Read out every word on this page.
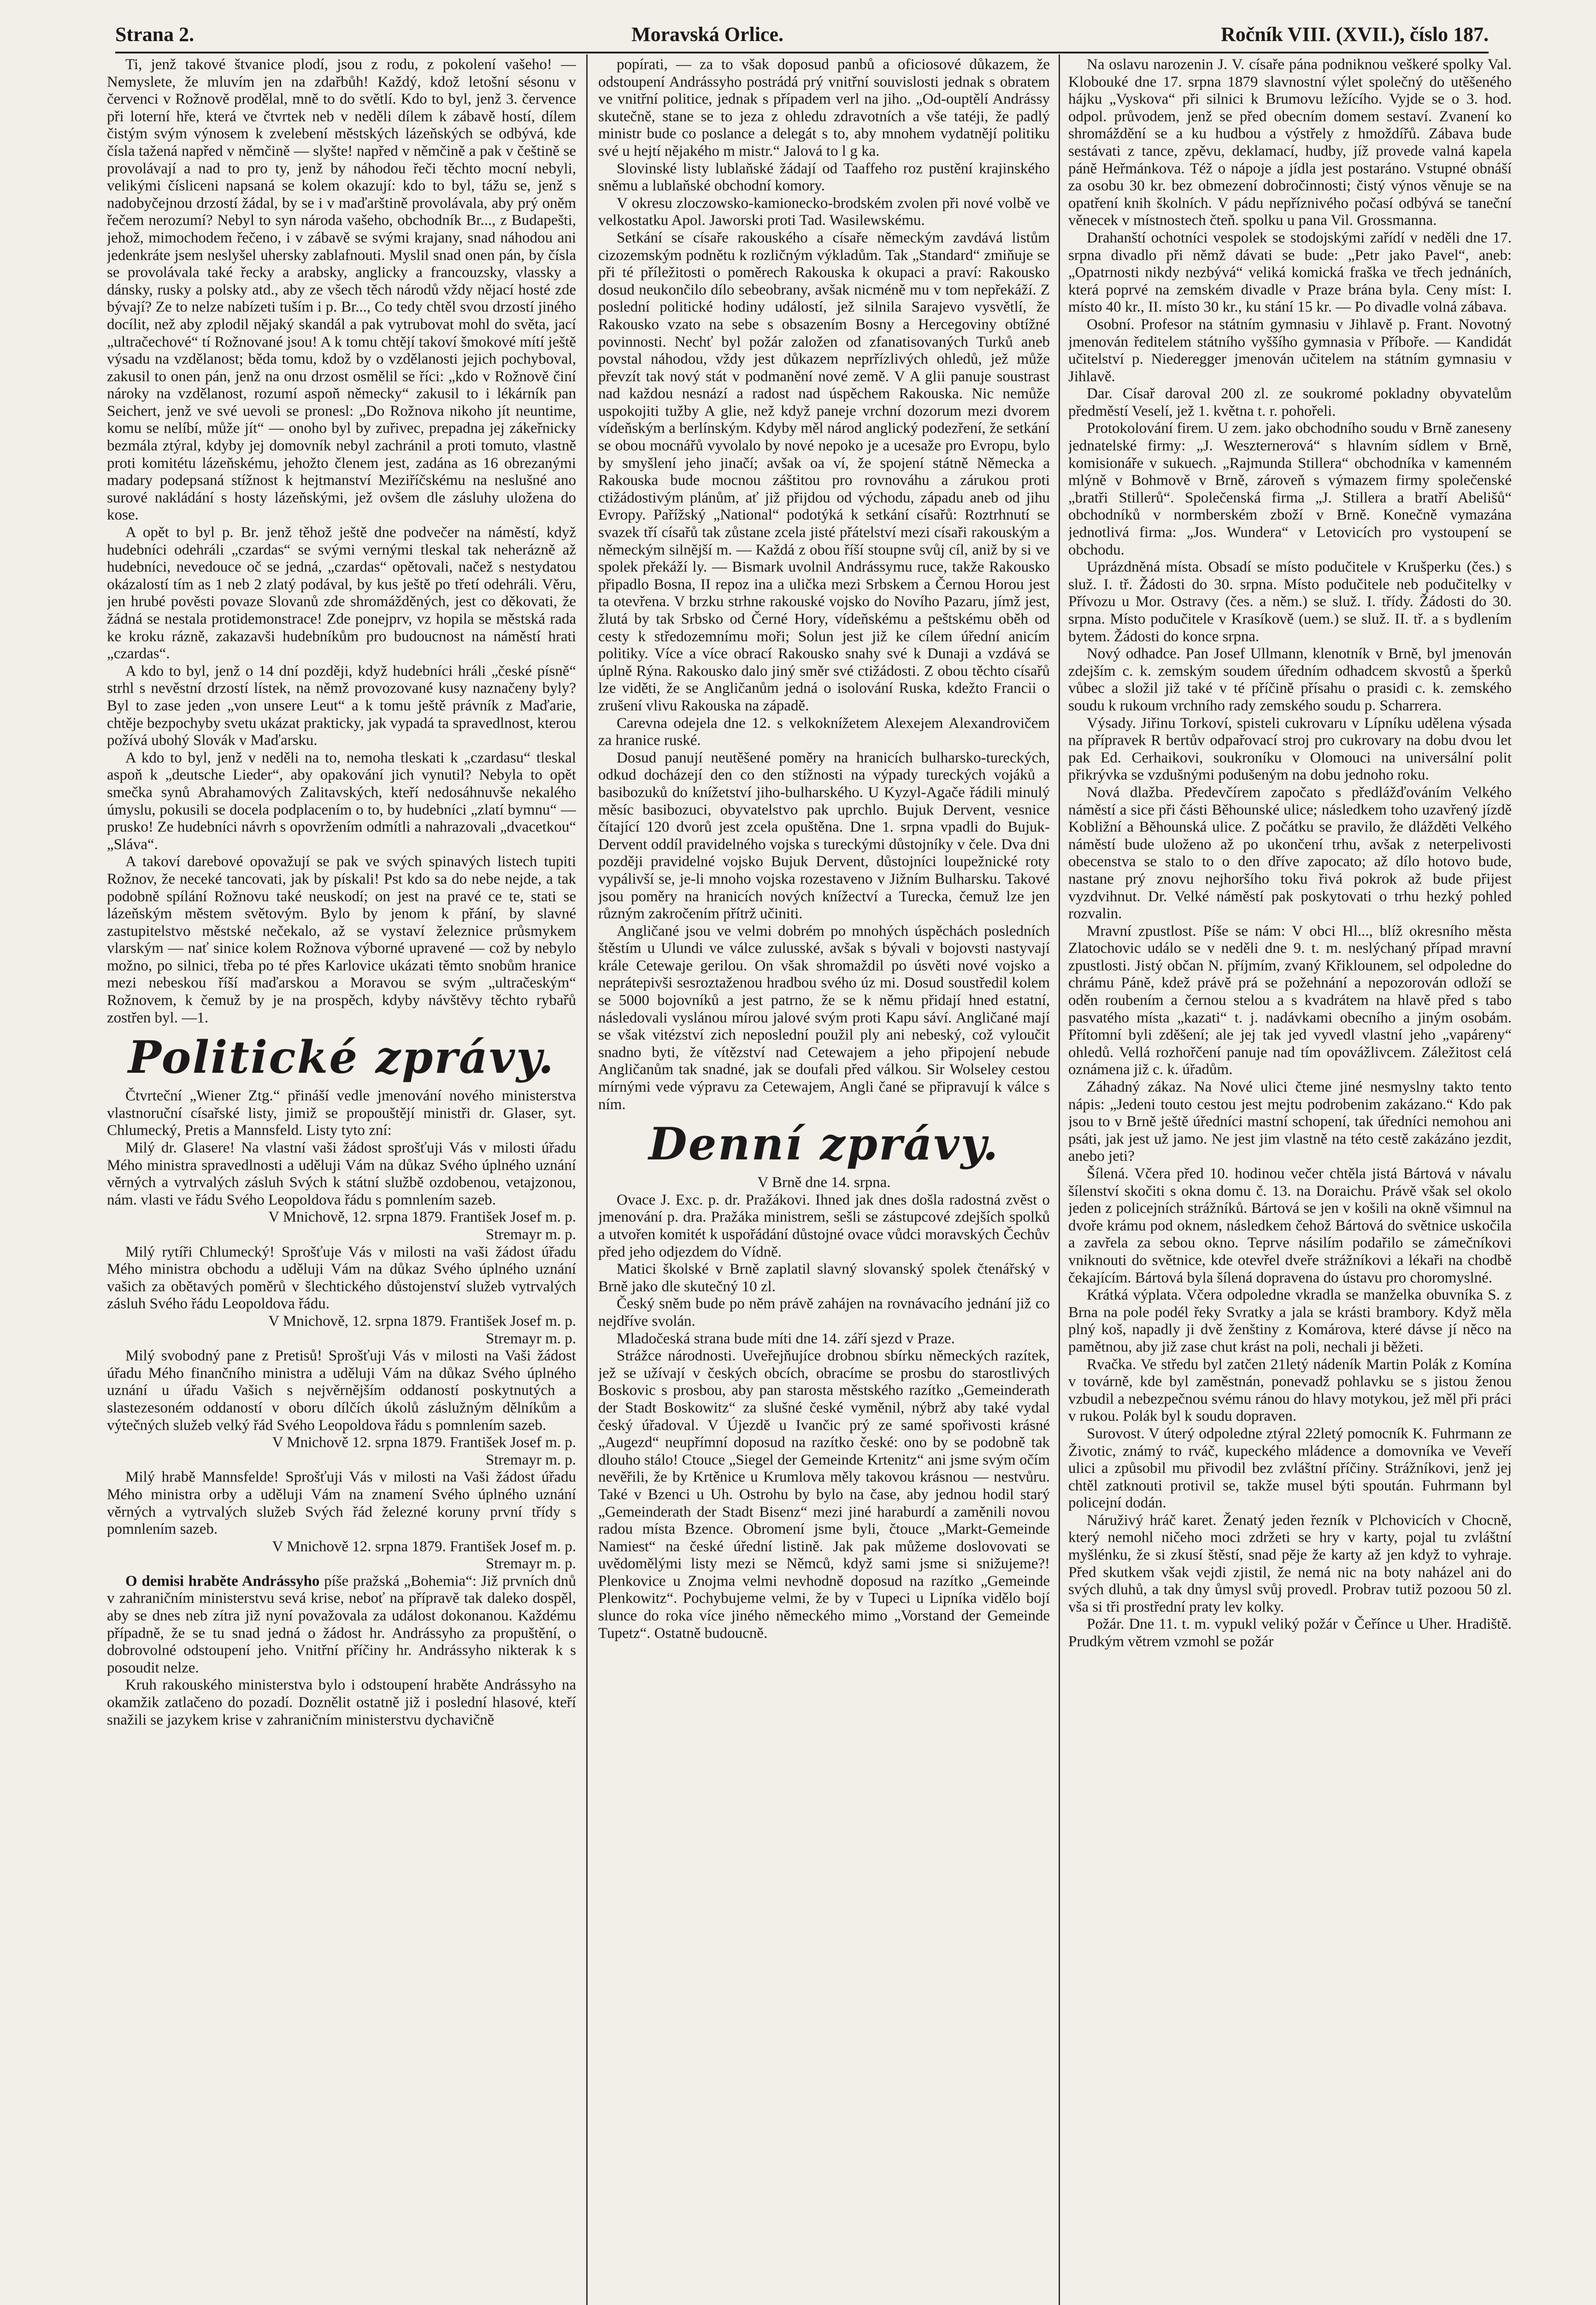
Strana 2.	Moravská Orlice.	Ročník VIII. (XVII.), číslo 187.

Ti, jenž takové štvanice plodí, jsou z rodu, z pokolení vašeho! — Nemyslete, že mluvím jen na zdařbůh! Každý, kdož letošní sésonu v červenci v Rožnově prodělal, mně to do světlí. Kdo to byl, jenž 3. července při loterní hře, která ve čtvrtek neb v neděli dílem k zábavě hostí, dílem čistým svým výnosem k zvelebení městských lázeňských se odbývá, kde čísla tažená napřed v němčině — slyšte! napřed v němčině a pak v češtině se provolávají a nad to pro ty, jenž by náhodou řeči těchto mocní nebyli, velikými čísliceni napsaná se kolem okazují: kdo to byl, tážu se, jenž s nadobyčejnou drzostí žádal, by se i v maďarštině provolávala, aby prý oněm řečem nerozumí? Nebyl to syn národa vašeho, obchodník Br..., z Budapešti, jehož, mimochodem řečeno, i v zábavě se svými krajany, snad náhodou ani jedenkráte jsem neslyšel uhersky zablafnouti. Myslil snad onen pán, by čísla se provolávala také řecky a arabsky, anglicky a francouzsky, vlassky a dánsky, rusky a polsky atd., aby ze všech těch národů vždy nějací hosté zde bývají? Ze to nelze nabízeti tuším i p. Br..., Co tedy chtěl svou drzostí jiného docílit, než aby zplodil nějaký skandál a pak vytrubovat mohl do světa, jací „ultračechové“ tí Rožnované jsou! A k tomu chtějí takoví šmokové mítí ještě výsadu na vzdělanost; běda tomu, kdož by o vzdělanosti jejich pochyboval, zakusil to onen pán, jenž na onu drzost osmělil se říci: „kdo v Rožnově činí nároky na vzdělanost, rozumí aspoň německy“ zakusil to i lékárník pan Seichert, jenž ve své uevoli se pronesl: „Do Rožnova nikoho jít neuntime, komu se nelíbí, může jít“ — onoho byl by zuřivec, prepadna jej zákeřnicky bezmála ztýral, kdyby jej domovník nebyl zachránil a proti tomuto, vlastně proti komitétu lázeňskému, jehožto členem jest, zadána as 16 obrezanými madary podepsaná stížnost k hejtmanství Meziříčskému na neslušné ano surové nakládání s hosty lázeňskými, jež ovšem dle zásluhy uložena do kose.

A opět to byl p. Br. jenž těhož ještě dne podvečer na náměstí, když hudebníci odehráli „czardas“ se svými vernými tleskal tak neherázně až hudebníci, nevedouce oč se jedná, „czardas“ opětovali, načež s nestydatou okázalostí tím as 1 neb 2 zlatý podával, by kus ještě po třetí odehráli. Věru, jen hrubé pověsti povaze Slovanů zde shromážděných, jest co děkovati, že žádná se nestala protidemonstrace! Zde ponejprv, vz hopila se městská rada ke kroku rázně, zakazavši hudebníkům pro budoucnost na náměstí hrati „czardas“.

A kdo to byl, jenž o 14 dní později, když hudebníci hráli „české písně“ strhl s nevěstní drzostí lístek, na němž provozované kusy naznačeny byly? Byl to zase jeden „von unsere Leut“ a k tomu ještě právník z Maďarie, chtěje bezpochyby svetu ukázat prakticky, jak vypadá ta spravedlnost, kterou požívá ubohý Slovák v Maďarsku.

A kdo to byl, jenž v neděli na to, nemoha tleskati k „czardasu“ tleskal aspoň k „deutsche Lieder“, aby opakování jich vynutil? Nebyla to opět smečka synů Abrahamových Zalitavských, kteří nedosáhnuvše nekalého úmyslu, pokusili se docela podplacením o to, by hudebníci „zlatí bymnu“ — prusko! Ze hudebníci návrh s opovržením odmítli a nahrazovali „dvacetkou“ „Sláva“.

A takoví darebové opovažují se pak ve svých spinavých listech tupiti Rožnov, že neceké tancovati, jak by pískali! Pst kdo sa do nebe nejde, a tak podobně spílání Rožnovu také neuskodí; on jest na pravé ce te, stati se lázeňským městem světovým. Bylo by jenom k přání, by slavné zastupitelstvo městské nečekalo, až se vystaví železnice průsmykem vlarským — nať sinice kolem Rožnova výborné upravené — což by nebylo možno, po silnici, třeba po té přes Karlovice ukázati těmto snobům hranice mezi nebeskou říší maďarskou a Moravou se svým „ultračeským“ Rožnovem, k čemuž by je na prospěch, kdyby návštěvy těchto rybařů zostřen byl. —1.

Politické zprávy.

Čtvrteční „Wiener Ztg.“ přináší vedle jmenování nového ministerstva vlastnoruční císařské listy, jimiž se propouštějí ministři dr. Glaser, syt. Chlumecký, Pretis a Mannsfeld. Listy tyto zní:

Milý dr. Glasere! Na vlastní vaši žádost sprošťuji Vás v milosti úřadu Mého ministra spravedlnosti a uděluji Vám na důkaz Svého úplného uznání věrných a vytrvalých zásluh Svých k státní službě ozdobenou, vetajzonou, nám. vlasti ve řádu Svého Leopoldova řádu s pomnlením sazeb.

V Mnichově, 12. srpna 1879. František Josef m. p.

Stremayr m. p.

Milý rytíři Chlumecký! Sprošťuje Vás v milosti na vaši žádost úřadu Mého ministra obchodu a uděluji Vám na důkaz Svého úplného uznání vašich za obětavých poměrů v šlechtického důstojenství služeb vytrvalých zásluh Svého řádu Leopoldova řádu.

V Mnichově, 12. srpna 1879. František Josef m. p.

Stremayr m. p.

Milý svobodný pane z Pretisů! Sprošťuji Vás v milosti na Vaši žádost úřadu Mého finančního ministra a uděluji Vám na důkaz Svého úplného uznání u úřadu Vašich s nejvěrnějším oddaností poskytnutých a slastezesoném oddaností v oboru dílčích úkolů záslužným dělníkům a výtečných služeb velký řád Svého Leopoldova řádu s pomnlením sazeb.

V Mnichově 12. srpna 1879. František Josef m. p.

Stremayr m. p.

Milý hrabě Mannsfelde! Sprošťuji Vás v milosti na Vaši žádost úřadu Mého ministra orby a uděluji Vám na znamení Svého úplného uznání věrných a vytrvalých služeb Svých řád železné koruny první třídy s pomnlením sazeb.

V Mnichově 12. srpna 1879. František Josef m. p.

Stremayr m. p.

O demisi hraběte Andrássyho píše pražská „Bohemia“: Již prvních dnů v zahraničním ministerstvu sevá krise, neboť na přípravě tak daleko dospěl, aby se dnes neb zítra již nyní považovala za událost dokonanou. Každému případně, že se tu snad jedná o žádost hr. Andrássyho za propuštění, o dobrovolné odstoupení jeho. Vnitřní příčiny hr. Andrássyho nikterak k s posoudit nelze.

Kruh rakouského ministerstva bylo i odstoupení hraběte Andrássyho na okamžik zatlačeno do pozadí. Doznělit ostatně již i poslední hlasové, kteří snažili se jazykem krise v zahraničním ministerstvu dychavičně

popírati, — za to však doposud panbů a oficiosové důkazem, že odstoupení Andrássyho postrádá prý vnitřní souvislosti jednak s obratem ve vnitřní politice, jednak s případem verl na jiho. „Od-ouptělí Andrássy skutečně, stane se to jeza z ohledu zdravotních a vše tatéji, že padlý ministr bude co poslance a delegát s to, aby mnohem vydatnějí politiku své u hejtí nějakého m mistr.“ Jalová to l g ka.

Slovinské listy lublaňské žádají od Taaffeho roz pustění krajinského sněmu a lublaňské obchodní komory.

V okresu zloczowsko-kamionecko-brodském zvolen při nové volbě ve velkostatku Apol. Jaworski proti Tad. Wasilewskému.

Setkání se císaře rakouského a císaře německým zavdává listům cizozemským podnětu k rozličným výkladům. Tak „Standard“ zmiňuje se při té příležitosti o poměrech Rakouska k okupaci a praví: Rakousko dosud neukončilo dílo sebeobrany, avšak nicméně mu v tom nepřekáží. Z poslední politické hodiny událostí, jež silnila Sarajevo vysvětlí, že Rakousko vzato na sebe s obsazením Bosny a Hercegoviny obtížné povinnosti. Nechť byl požár založen od zfanatisovaných Turků aneb povstal náhodou, vždy jest důkazem neprřízlivých ohledů, jež může převzít tak nový stát v podmanění nové země. V A glii panuje soustrast nad každou nesnází a radost nad úspěchem Rakouska. Nic nemůže uspokojiti tužby A glie, než když paneje vrchní dozorum mezi dvorem vídeňským a berlínským. Kdyby měl národ anglický podezření, že setkání se obou mocnářů vyvolalo by nové nepoko je a ucesaže pro Evropu, bylo by smyšlení jeho jinačí; avšak oa ví, že spojení státně Německa a Rakouska bude mocnou záštitou pro rovnováhu a zárukou proti ctižádostivým plánům, ať již přijdou od východu, západu aneb od jihu Evropy. Pařížský „National“ podotýká k setkání císařů: Roztrhnutí se svazek tří císařů tak zůstane zcela jisté přátelství mezi císaři rakouským a německým silnější m. — Každá z obou říší stoupne svůj cíl, aniž by si ve spolek překáží ly. — Bismark uvolnil Andrássymu ruce, takže Rakousko připadlo Bosna, II repoz ina a ulička mezi Srbskem a Černou Horou jest ta otevřena. V brzku strhne rakouské vojsko do Novího Pazaru, jímž jest, žlutá by tak Srbsko od Černé Hory, vídeňskému a peštskému oběh od cesty k středozemnímu moři; Solun jest již ke cílem úřední anicím politiky. Více a více obrací Rakousko snahy své k Dunaji a vzdává se úplně Rýna. Rakousko dalo jiný směr své ctižádosti. Z obou těchto císařů lze viděti, že se Angličanům jedná o isolování Ruska, kdežto Francii o zrušení vlivu Rakouska na západě.

Carevna odejela dne 12. s velkoknížetem Alexejem Alexandrovičem za hranice ruské.

Dosud panují neutěšené poměry na hranicích bulharsko-tureckých, odkud docházejí den co den stížnosti na výpady tureckých vojáků a basibozuků do knížetství jiho-bulharského. U Kyzyl-Agače řádili minulý měsíc basibozuci, obyvatelstvo pak uprchlo. Bujuk Dervent, vesnice čítající 120 dvorů jest zcela opuštěna. Dne 1. srpna vpadli do Bujuk-Dervent oddíl pravidelného vojska s tureckými důstojníky v čele. Dva dni později pravidelné vojsko Bujuk Dervent, důstojníci loupežnické roty vypálivší se, je-li mnoho vojska rozestaveno v Jižním Bulharsku. Takové jsou poměry na hranicích nových knížectví a Turecka, čemuž lze jen různým zakročením přítrž učiniti.

Angličané jsou ve velmi dobrém po mnohých úspěchách posledních štěstím u Ulundi ve válce zulusské, avšak s bývali v bojovsti nastyvají krále Cetewaje gerilou. On však shromaždil po úsvěti nové vojsko a neprátepivši sesroztaženou hradbou svého úz mi. Dosud soustředil kolem se 5000 bojovníků a jest patrno, že se k němu přidají hned estatní, následovali vyslánou mírou jalové svým proti Kapu sáví. Angličané mají se však vitézství zich neposlední použil ply ani nebeský, což vyloučit snadno byti, že vítězství nad Cetewajem a jeho připojení nebude Angličanům tak snadné, jak se doufali před válkou. Sir Wolseley cestou mírnými vede výpravu za Cetewajem, Angli čané se připravují k válce s ním.

Denní zprávy.

V Brně dne 14. srpna.

Ovace J. Exc. p. dr. Pražákovi. Ihned jak dnes došla radostná zvěst o jmenování p. dra. Pražáka ministrem, sešli se zástupcové zdejších spolků a utvořen komitét k uspořádání důstojné ovace vůdci moravských Čechův před jeho odjezdem do Vídně.

Matici školské v Brně zaplatil slavný slovanský spolek čtenářský v Brně jako dle skutečný 10 zl.

Český sněm bude po něm právě zahájen na rovnávacího jednání již co nejdříve svolán.

Mladočeská strana bude míti dne 14. září sjezd v Praze.

Strážce národnosti. Uveřejňujíce drobnou sbírku německých razítek, jež se užívají v českých obcích, obracíme se prosbu do starostlivých Boskovic s prosbou, aby pan starosta městského razítko „Gemeinderath der Stadt Boskowitz“ za slušné české vyměnil, nýbrž aby také vydal český úřadoval. V Újezdě u Ivančic prý ze samé spořivosti krásné „Augezd“ neupřímní doposud na razítko české: ono by se podobně tak dlouho stálo! Ctouce „Siegel der Gemeinde Krtenitz“ ani jsme svým očím nevěřili, že by Krtěnice u Krumlova měly takovou krásnou — nestvůru. Také v Bzenci u Uh. Ostrohu by bylo na čase, aby jednou hodil starý „Gemeinderath der Stadt Bisenz“ mezi jiné haraburdí a zaměnili novou radou místa Bzence. Obromení jsme byli, čtouce „Markt-Gemeinde Namiest“ na české úřední listině. Jak pak můžeme doslovovati se uvědomělými listy mezi se Němců, když sami jsme si snižujeme?! Plenkovice u Znojma velmi nevhodně doposud na razítko „Gemeinde Plenkowitz“. Pochybujeme velmi, že by v Tupeci u Lipníka vidělo bojí slunce do roka více jiného německého mimo „Vorstand der Gemeinde Tupetz“. Ostatně budoucně.

Na oslavu narozenin J. V. císaře pána podniknou veškeré spolky Val. Klobouké dne 17. srpna 1879 slavnostní výlet společný do utěšeného hájku „Vyskova“ při silnici k Brumovu ležícího. Vyjde se o 3. hod. odpol. průvodem, jenž se před obecním domem sestaví. Zvanení ko shromáždění se a ku hudbou a výstřely z hmoždířů. Zábava bude sestávati z tance, zpěvu, deklamací, hudby, jíž provede valná kapela páně Heřmánkova. Též o nápoje a jídla jest postaráno. Vstupné obnáší za osobu 30 kr. bez obmezení dobročinnosti; čistý výnos věnuje se na opatření knih školních. V pádu nepříznivého počasí odbývá se taneční věnecek v místnostech čteň. spolku u pana Vil. Grossmanna.

Drahanští ochotníci vespolek se stodojskými zařídí v neděli dne 17. srpna divadlo při němž dávati se bude: „Petr jako Pavel“, aneb: „Opatrnosti nikdy nezbývá“ veliká komická fraška ve třech jednáních, která poprvé na zemském divadle v Praze brána byla. Ceny míst: I. místo 40 kr., II. místo 30 kr., ku stání 15 kr. — Po divadle volná zábava.

Osobní. Profesor na státním gymnasiu v Jihlavě p. Frant. Novotný jmenován ředitelem státního vyššího gymnasia v Příboře. — Kandidát učitelství p. Niederegger jmenován učitelem na státním gymnasiu v Jihlavě.

Dar. Císař daroval 200 zl. ze soukromé pokladny obyvatelům předměstí Veselí, jež 1. května t. r. pohořeli.

Protokolování firem. U zem. jako obchodního soudu v Brně zaneseny jednatelské firmy: „J. Weszternerová“ s hlavním sídlem v Brně, komisionáře v sukuech. „Rajmunda Stillera“ obchodníka v kamenném mlýně v Bohmově v Brně, zároveň s výmazem firmy společenské „bratři Stillerů“. Společenská firma „J. Stillera a bratří Abelišů“ obchodníků v normberském zboží v Brně. Konečně vymazána jednotlivá firma: „Jos. Wundera“ v Letovicích pro vystoupení se obchodu.

Uprázdněná místa. Obsadí se místo podučitele v Krušperku (čes.) s služ. I. tř. Žádosti do 30. srpna. Místo podučitele neb podučitelky v Přívozu u Mor. Ostravy (čes. a něm.) se služ. I. třídy. Žádosti do 30. srpna. Místo podučitele v Krasíkově (uem.) se služ. II. tř. a s bydlením bytem. Žádosti do konce srpna.

Nový odhadce. Pan Josef Ullmann, klenotník v Brně, byl jmenován zdejším c. k. zemským soudem úředním odhadcem skvostů a šperků vůbec a složil již také v té příčině přísahu o prasidi c. k. zemského soudu k rukoum vrchního rady zemského soudu p. Scharrera.

Výsady. Jiřinu Torkoví, spisteli cukrovaru v Lípníku udělena výsada na přípravek R bertův odpařovací stroj pro cukrovary na dobu dvou let pak Ed. Cerhaikovi, soukroníku v Olomouci na universální polit přikrývka se vzdušnými podušeným na dobu jednoho roku.

Nová dlažba. Předevčírem započato s předlážďováním Velkého náměstí a sice při části Běhounské ulice; následkem toho uzavřený jízdě Kobližní a Běhounská ulice. Z počátku se pravilo, že dlážděti Velkého náměstí bude uloženo až po ukončení trhu, avšak z neterpelivosti obecenstva se stalo to o den dříve zapocato; až dílo hotovo bude, nastane prý znovu nejhoršího toku řivá pokrok až bude přijest vyzdvihnut. Dr. Velké náměstí pak poskytovati o trhu hezký pohled rozvalin.

Mravní zpustlost. Píše se nám: V obci Hl..., blíž okresního města Zlatochovic událo se v neděli dne 9. t. m. neslýchaný případ mravní zpustlosti. Jistý občan N. příjmím, zvaný Křiklounem, sel odpoledne do chrámu Páně, kdež právě prá se požehnání a nepozorován odloží se oděn roubením a černou stelou a s kvadrátem na hlavě před s tabo pasvatého místa „kazati“ t. j. nadávkami obecního a jiným osobám. Přítomní byli zděšení; ale jej tak jed vyvedl vlastní jeho „vapáreny“ ohledů. Vellá rozhořčení panuje nad tím opovážlivcem. Záležitost celá oznámena již c. k. úřadům.

Záhadný zákaz. Na Nové ulici čteme jiné nesmyslny takto tento nápis: „Jedeni touto cestou jest mejtu podrobenim zakázano.“ Kdo pak jsou to v Brně ještě úředníci mastní schopení, tak úředníci nemohou ani psáti, jak jest už jamo. Ne jest jim vlastně na této cestě zakázáno jezdit, anebo jeti?

Šílená. Včera před 10. hodinou večer chtěla jistá Bártová v návalu šílenství skočiti s okna domu č. 13. na Doraichu. Právě však sel okolo jeden z policejních strážníků. Bártová se jen v košili na okně všimnul na dvoře krámu pod oknem, následkem čehož Bártová do světnice uskočila a zavřela za sebou okno. Teprve násilím podařilo se zámečníkovi vniknouti do světnice, kde otevřel dveře strážníkovi a lékaři na chodbě čekajícím. Bártová byla šílená dopravena do ústavu pro choromyslné.

Krátká výplata. Včera odpoledne vkradla se manželka obuvníka S. z Brna na pole podél řeky Svratky a jala se krásti brambory. Když měla plný koš, napadly ji dvě ženštiny z Komárova, které dávse jí něco na pamětnou, aby již zase chut krást na poli, nechali ji běžeti.

Rvačka. Ve středu byl zatčen 21letý nádeník Martin Polák z Komína v továrně, kde byl zaměstnán, ponevadž pohlavku se s jistou ženou vzbudil a nebezpečnou svému ránou do hlavy motykou, jež měl při práci v rukou. Polák byl k soudu dopraven.

Surovost. V úterý odpoledne ztýral 22letý pomocník K. Fuhrmann ze Životic, známý to rváč, kupeckého mládence a domovníka ve Veveří ulici a způsobil mu přivodil bez zvláštní příčiny. Strážníkovi, jenž jej chtěl zatknouti protivil se, takže musel býti spoután. Fuhrmann byl policejní dodán.

Náruživý hráč karet. Ženatý jeden řezník v Plchovicích v Chocně, který nemohl ničeho moci zdržeti se hry v karty, pojal tu zvláštní myšlénku, že si zkusí štěstí, snad pěje že karty až jen když to vyhraje. Před skutkem však vejdi zjistil, že nemá nic na boty naházel ani do svých dluhů, a tak dny ůmysl svůj provedl. Probrav tutiž pozoou 50 zl. vša si tři prostřední praty lev kolky.

Požár. Dne 11. t. m. vypukl veliký požár v Čeřínce u Uher. Hradiště. Prudkým větrem vzmohl se požár
